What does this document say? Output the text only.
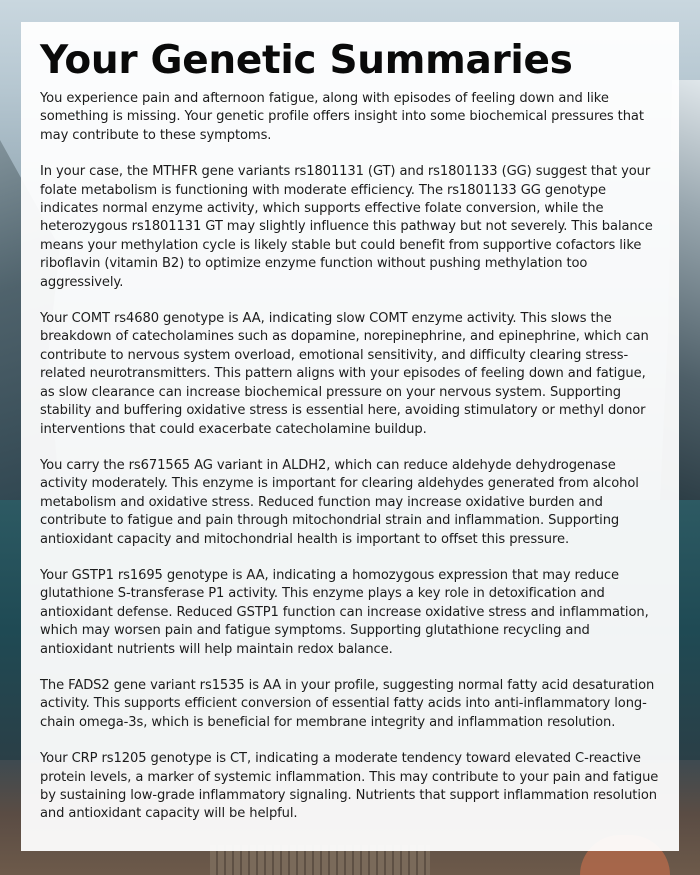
Your Genetic Summaries

You experience pain and afternoon fatigue, along with episodes of feeling down and like something is missing. Your genetic profile offers insight into some biochemical pressures that may contribute to these symptoms.

In your case, the MTHFR gene variants rs1801131 (GT) and rs1801133 (GG) suggest that your folate metabolism is functioning with moderate efficiency. The rs1801133 GG genotype indicates normal enzyme activity, which supports effective folate conversion, while the heterozygous rs1801131 GT may slightly influence this pathway but not severely. This balance means your methylation cycle is likely stable but could benefit from supportive cofactors like riboflavin (vitamin B2) to optimize enzyme function without pushing methylation too aggressively.

Your COMT rs4680 genotype is AA, indicating slow COMT enzyme activity. This slows the breakdown of catecholamines such as dopamine, norepinephrine, and epinephrine, which can contribute to nervous system overload, emotional sensitivity, and difficulty clearing stress-related neurotransmitters. This pattern aligns with your episodes of feeling down and fatigue, as slow clearance can increase biochemical pressure on your nervous system. Supporting stability and buffering oxidative stress is essential here, avoiding stimulatory or methyl donor interventions that could exacerbate catecholamine buildup.

You carry the rs671565 AG variant in ALDH2, which can reduce aldehyde dehydrogenase activity moderately. This enzyme is important for clearing aldehydes generated from alcohol metabolism and oxidative stress. Reduced function may increase oxidative burden and contribute to fatigue and pain through mitochondrial strain and inflammation. Supporting antioxidant capacity and mitochondrial health is important to offset this pressure.

Your GSTP1 rs1695 genotype is AA, indicating a homozygous expression that may reduce glutathione S-transferase P1 activity. This enzyme plays a key role in detoxification and antioxidant defense. Reduced GSTP1 function can increase oxidative stress and inflammation, which may worsen pain and fatigue symptoms. Supporting glutathione recycling and antioxidant nutrients will help maintain redox balance.

The FADS2 gene variant rs1535 is AA in your profile, suggesting normal fatty acid desaturation activity. This supports efficient conversion of essential fatty acids into anti-inflammatory long-chain omega-3s, which is beneficial for membrane integrity and inflammation resolution.

Your CRP rs1205 genotype is CT, indicating a moderate tendency toward elevated C-reactive protein levels, a marker of systemic inflammation. This may contribute to your pain and fatigue by sustaining low-grade inflammatory signaling. Nutrients that support inflammation resolution and antioxidant capacity will be helpful.
